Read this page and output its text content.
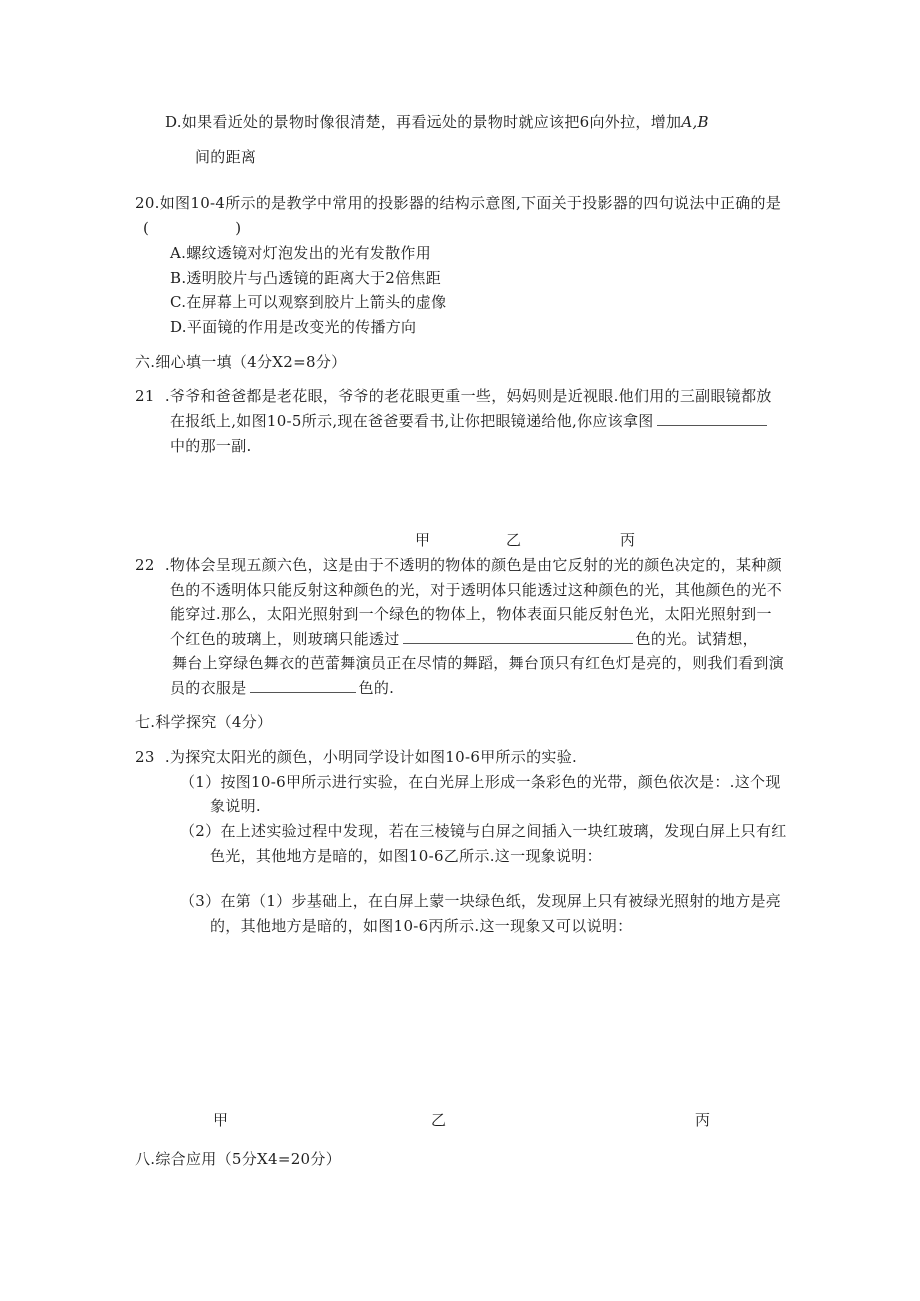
D.如果看近处的景物时像很清楚，再看远处的景物时就应该把6向外拉，增加A,B
间的距离
20.如图10-4所示的是教学中常用的投影器的结构示意图,下面关于投影器的四句说法中正确的是
(                 )
A.螺纹透镜对灯泡发出的光有发散作用
B.透明胶片与凸透镜的距离大于2倍焦距
C.在屏幕上可以观察到胶片上箭头的虚像
D.平面镜的作用是改变光的传播方向
六.细心填一填（4分X2=8分）
21  .爷爷和爸爸都是老花眼，爷爷的老花眼更重一些，妈妈则是近视眼.他们用的三副眼镜都放
在报纸上,如图10-5所示,现在爸爸要看书,让你把眼镜递给他,你应该拿图
中的那一副.
甲	乙	丙
22  .物体会呈现五颜六色，这是由于不透明的物体的颜色是由它反射的光的颜色决定的，某种颜
色的不透明体只能反射这种颜色的光，对于透明体只能透过这种颜色的光，其他颜色的光不
能穿过.那么，太阳光照射到一个绿色的物体上，物体表面只能反射色光，太阳光照射到一
个红色的玻璃上，则玻璃只能透过	色的光。试猜想，
舞台上穿绿色舞衣的芭蕾舞演员正在尽情的舞蹈，舞台顶只有红色灯是亮的，则我们看到演
员的衣服是	色的.
七.科学探究（4分）
23  .为探究太阳光的颜色，小明同学设计如图10-6甲所示的实验.
（1）按图10-6甲所示进行实验，在白光屏上形成一条彩色的光带，颜色依次是：.这个现
象说明.
（2）在上述实验过程中发现，若在三棱镜与白屏之间插入一块红玻璃，发现白屏上只有红
色光，其他地方是暗的，如图10-6乙所示.这一现象说明：
（3）在第（1）步基础上，在白屏上蒙一块绿色纸，发现屏上只有被绿光照射的地方是亮
的，其他地方是暗的，如图10-6丙所示.这一现象又可以说明：
甲	乙	丙
八.综合应用（5分X4=20分）
